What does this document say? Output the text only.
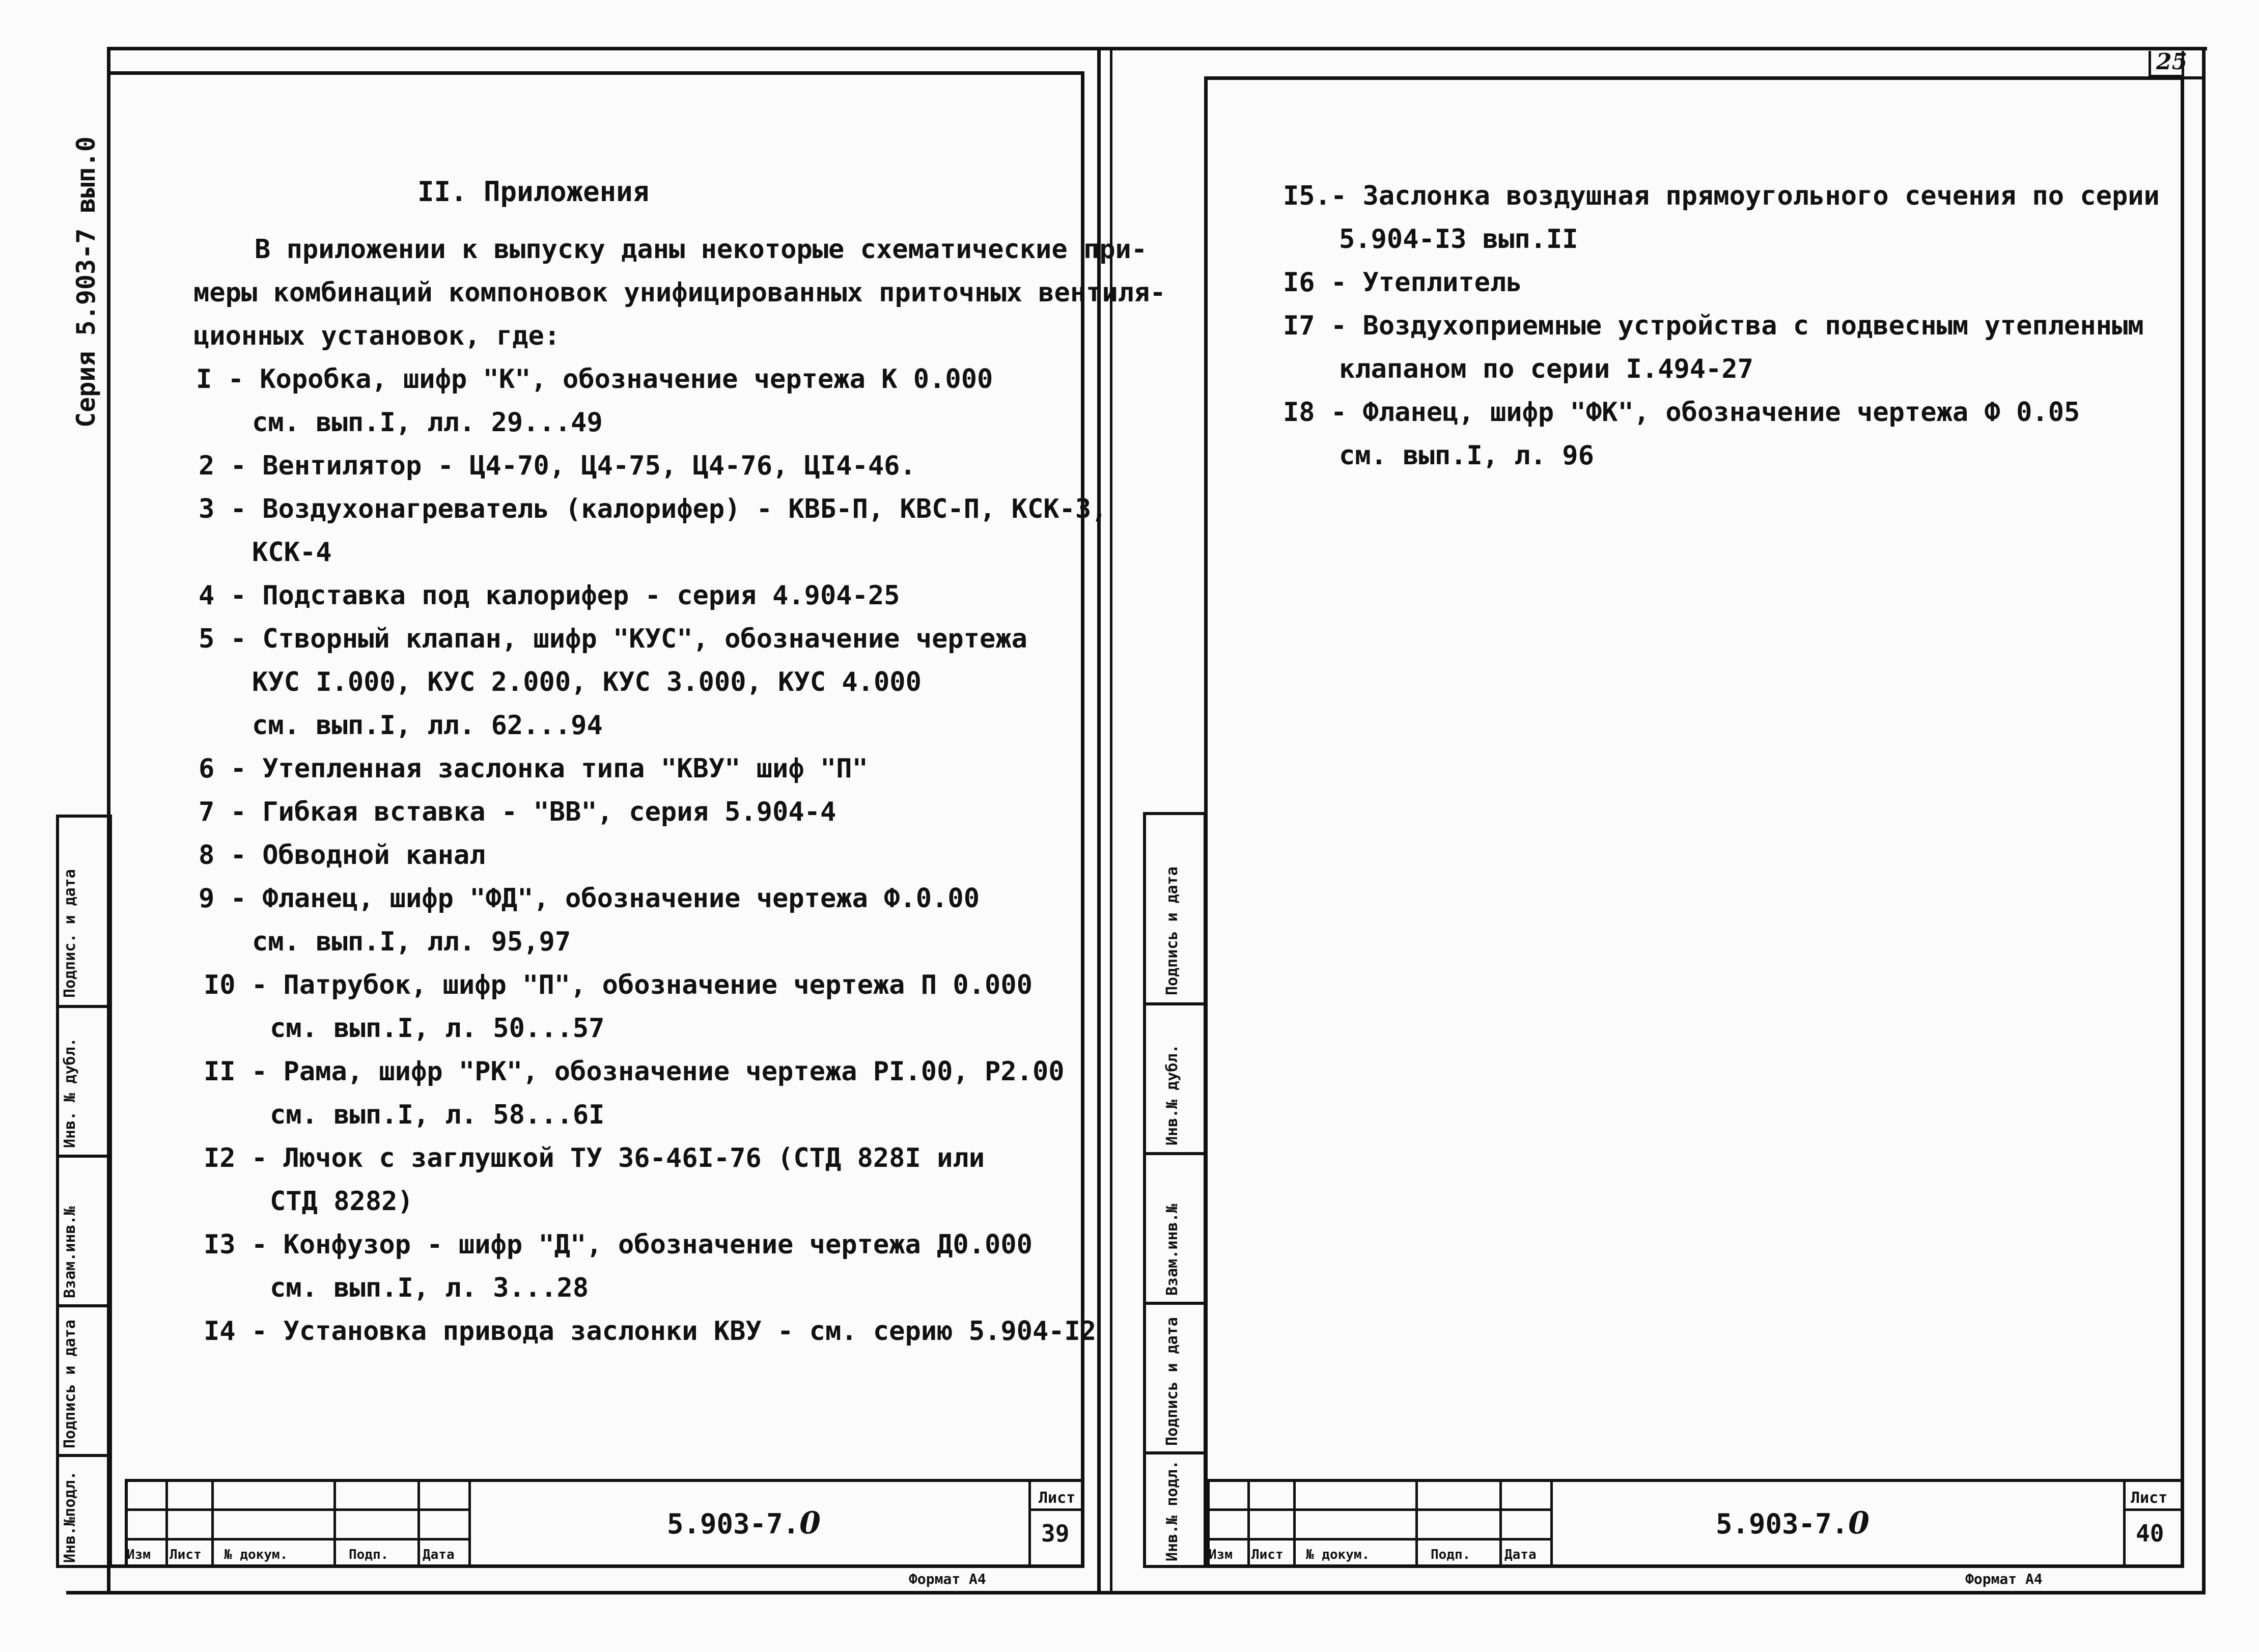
25
Серия 5.903-7 вып.0
Подпис. и дата
Инв. № дубл.
Взам.инв.№
Подпись и дата
Инв.№подл.
II. Приложения
В приложении к выпуску даны некоторые схематические при-
меры комбинаций компоновок унифицированных приточных вентиля-
ционных установок, где:
I - Коробка, шифр "К", обозначение чертежа К 0.000
см. вып.I, лл. 29...49
2 - Вентилятор - Ц4-70, Ц4-75, Ц4-76, ЦI4-46.
3 - Воздухонагреватель (калорифер) - КВБ-П, КВС-П, КСК-3,
КСК-4
4 - Подставка под калорифер - серия 4.904-25
5 - Створный клапан, шифр "КУС", обозначение чертежа
КУС I.000, КУС 2.000, КУС 3.000, КУС 4.000
см. вып.I, лл. 62...94
6 - Утепленная заслонка типа "КВУ" шиф "П"
7 - Гибкая вставка - "ВВ", серия 5.904-4
8 - Обводной канал
9 - Фланец, шифр "ФД", обозначение чертежа Ф.0.00
см. вып.I, лл. 95,97
I0 - Патрубок, шифр "П", обозначение чертежа П 0.000
см. вып.I, л. 50...57
II - Рама, шифр "РК", обозначение чертежа РI.00, Р2.00
см. вып.I, л. 58...6I
I2 - Лючок с заглушкой ТУ 36-46I-76 (СТД 828I или
СТД 8282)
I3 - Конфузор - шифр "Д", обозначение чертежа Д0.000
см. вып.I, л. 3...28
I4 - Установка привода заслонки КВУ - см. серию 5.904-I2
Изм Лист № докум.	Подп.	Дата
5.903-7.0
Лист
39
Формат А4
Подпись и дата
Инв.№ дубл.
Взам.инв.№
Подпись и дата
Инв.№ подл.
I5.- Заслонка воздушная прямоугольного сечения по серии
5.904-I3 вып.II
I6 - Утеплитель
I7 - Воздухоприемные устройства с подвесным утепленным
клапаном по серии I.494-27
I8 - Фланец, шифр "ФК", обозначение чертежа Ф 0.05
см. вып.I, л. 96
Изм Лист № докум.	Подп.	Дата
5.903-7.0
Лист
40
Формат А4
